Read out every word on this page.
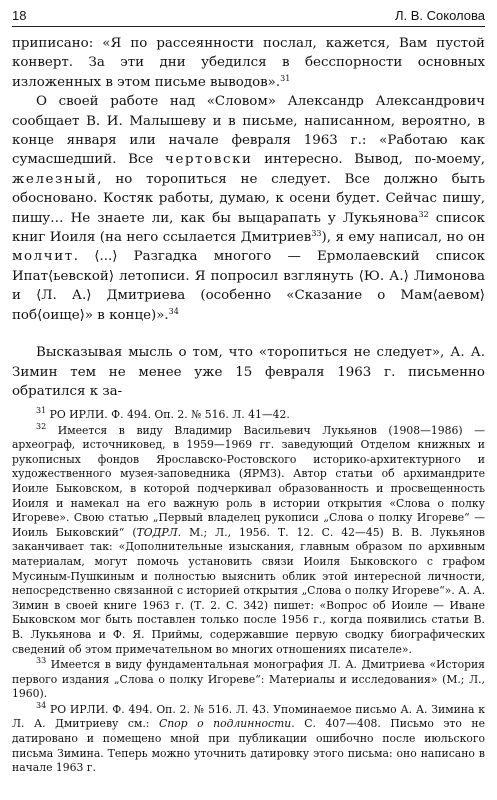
18	Л. В. Соколова

приписано: «Я по рассеянности послал, кажется, Вам пустой конверт. За эти дни убедился в бесспорности основных изложенных в этом письме выводов».$^{31}$

О своей работе над «Словом» Александр Александрович сообщает В. И. Малышеву и в письме, написанном, вероятно, в конце января или начале февраля 1963 г.: «Работаю как сумасшедший. Все чертовски интересно. Вывод, по-моему, железный, но торопиться не следует. Все должно быть обосновано. Костяк работы, думаю, к осени будет. Сейчас пишу, пишу… Не знаете ли, как бы выцарапать у Лукьянова$^{32}$ список книг Иоиля (на него ссылается Дмитриев$^{33}$), я ему написал, но он молчит. ⟨...⟩ Разгадка многого — Ермолаевский список Ипат⟨ьевской⟩ летописи. Я попросил взглянуть ⟨Ю. А.⟩ Лимонова и ⟨Л. А.⟩ Дмитриева (особенно «Сказание о Мам⟨аевом⟩ поб⟨оище⟩» в конце)».$^{34}$

Высказывая мысль о том, что «торопиться не следует», А. А. Зимин тем не менее уже 15 февраля 1963 г. письменно обратился к за-

$^{31}$ РО ИРЛИ. Ф. 494. Оп. 2. № 516. Л. 41—42.

$^{32}$ Имеется в виду Владимир Васильевич Лукьянов (1908—1986) — археограф, источниковед, в 1959—1969 гг. заведующий Отделом книжных и рукописных фондов Ярославско-Ростовского историко-архитектурного и художественного музея-заповедника (ЯРМЗ). Автор статьи об архимандрите Иоиле Быковском, в которой подчеркивал образованность и просвещенность Иоиля и намекал на его важную роль в истории открытия «Слова о полку Игореве». Свою статью „Первый владелец рукописи „Слова о полку Игореве“ — Иоиль Быковский“ (ТОДРЛ. М.; Л., 1956. Т. 12. С. 42—45) В. В. Лукьянов заканчивает так: «Дополнительные изыскания, главным образом по архивным материалам, могут помочь установить связи Иоиля Быковского с графом Мусиным-Пушкиным и полностью выяснить облик этой интересной личности, непосредственно связанной с историей открытия „Слова о полку Игореве“». А. А. Зимин в своей книге 1963 г. (Т. 2. С. 342) пишет: «Вопрос об Иоиле — Иване Быковском мог быть поставлен только после 1956 г., когда появились статьи В. В. Лукьянова и Ф. Я. Приймы, содержавшие первую сводку биографических сведений об этом примечательном во многих отношениях писателе».

$^{33}$ Имеется в виду фундаментальная монография Л. А. Дмитриева «История первого издания „Слова о полку Игореве“: Материалы и исследования» (М.; Л., 1960).

$^{34}$ РО ИРЛИ. Ф. 494. Оп. 2. № 516. Л. 43. Упоминаемое письмо А. А. Зимина к Л. А. Дмитриеву см.: Спор о подлинности. С. 407—408. Письмо это не датировано и помещено мной при публикации ошибочно после июльского письма Зимина. Теперь можно уточнить датировку этого письма: оно написано в начале 1963 г.
